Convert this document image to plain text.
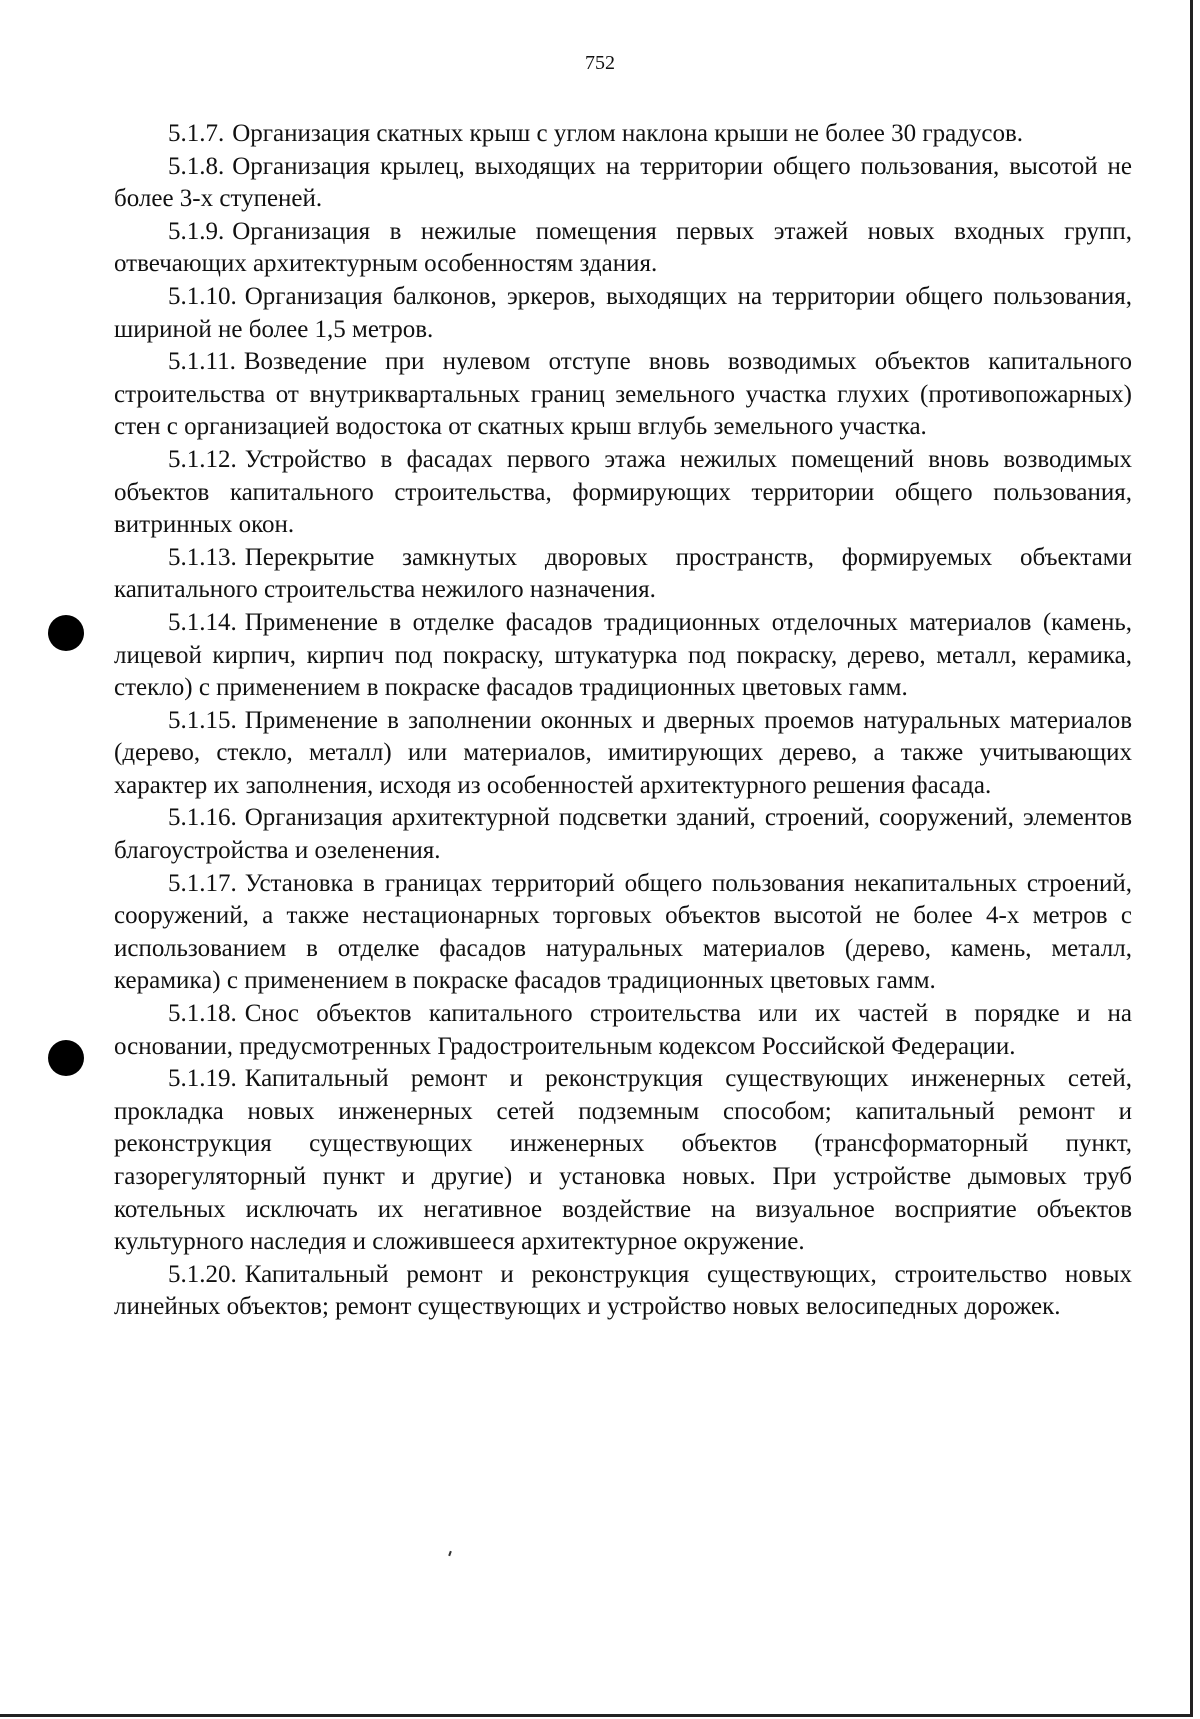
752

5.1.7. Организация скатных крыш с углом наклона крыши не более 30 градусов.

5.1.8. Организация крылец, выходящих на территории общего пользования, высотой не более 3-х ступеней.

5.1.9. Организация в нежилые помещения первых этажей новых входных групп, отвечающих архитектурным особенностям здания.

5.1.10. Организация балконов, эркеров, выходящих на территории общего пользования, шириной не более 1,5 метров.

5.1.11. Возведение при нулевом отступе вновь возводимых объектов капитального строительства от внутриквартальных границ земельного участка глухих (противопожарных) стен с организацией водостока от скатных крыш вглубь земельного участка.

5.1.12. Устройство в фасадах первого этажа нежилых помещений вновь возводимых объектов капитального строительства, формирующих территории общего пользования, витринных окон.

5.1.13. Перекрытие замкнутых дворовых пространств, формируемых объектами капитального строительства нежилого назначения.

5.1.14. Применение в отделке фасадов традиционных отделочных материалов (камень, лицевой кирпич, кирпич под покраску, штукатурка под покраску, дерево, металл, керамика, стекло) с применением в покраске фасадов традиционных цветовых гамм.

5.1.15. Применение в заполнении оконных и дверных проемов натуральных материалов (дерево, стекло, металл) или материалов, имитирующих дерево, а также учитывающих характер их заполнения, исходя из особенностей архитектурного решения фасада.

5.1.16. Организация архитектурной подсветки зданий, строений, сооружений, элементов благоустройства и озеленения.

5.1.17. Установка в границах территорий общего пользования некапитальных строений, сооружений, а также нестационарных торговых объектов высотой не более 4-х метров с использованием в отделке фасадов натуральных материалов (дерево, камень, металл, керамика) с применением в покраске фасадов традиционных цветовых гамм.

5.1.18. Снос объектов капитального строительства или их частей в порядке и на основании, предусмотренных Градостроительным кодексом Российской Федерации.

5.1.19. Капитальный ремонт и реконструкция существующих инженерных сетей, прокладка новых инженерных сетей подземным способом; капитальный ремонт и реконструкция существующих инженерных объектов (трансформаторный пункт, газорегуляторный пункт и другие) и установка новых. При устройстве дымовых труб котельных исключать их негативное воздействие на визуальное восприятие объектов культурного наследия и сложившееся архитектурное окружение.

5.1.20. Капитальный ремонт и реконструкция существующих, строительство новых линейных объектов; ремонт существующих и устройство новых велосипедных дорожек.
